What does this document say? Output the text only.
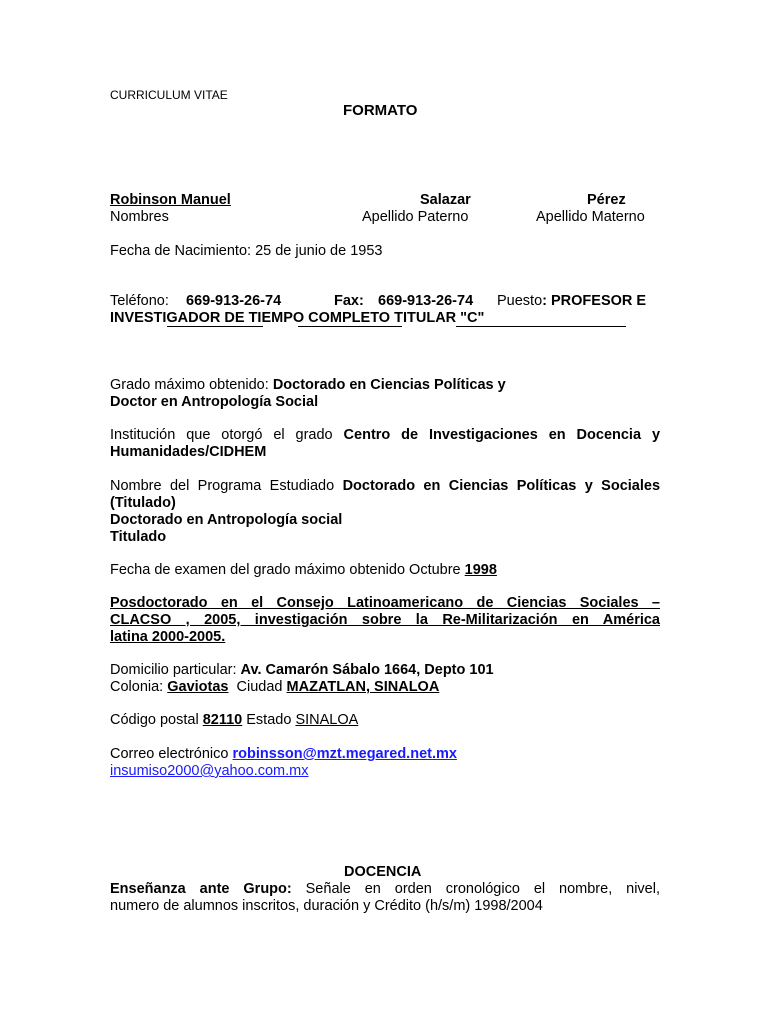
CURRICULUM VITAE
FORMATO
Robinson Manuel
Nombres
Salazar
Apellido Paterno
Pérez
Apellido Materno
Fecha de Nacimiento: 25 de junio de 1953
Teléfono: 669-913-26-74	Fax: 669-913-26-74 Puesto: PROFESOR E
INVESTIGADOR DE TIEMPO COMPLETO TITULAR "C"
Grado máximo obtenido: Doctorado en Ciencias Políticas y
Doctor en Antropología Social
Institución que otorgó el grado Centro de Investigaciones en Docencia y
Humanidades/CIDHEM
Nombre del Programa Estudiado Doctorado en Ciencias Políticas y Sociales
(Titulado)
Doctorado en Antropología social
Titulado
Fecha de examen del grado máximo obtenido Octubre 1998
Posdoctorado en el Consejo Latinoamericano de Ciencias Sociales –
CLACSO , 2005, investigación sobre la Re-Militarización en América
latina 2000-2005.
Domicilio particular: Av. Camarón Sábalo 1664, Depto 101
Colonia: Gaviotas Ciudad MAZATLAN, SINALOA
Código postal 82110 Estado SINALOA
Correo electrónico robinsson@mzt.megared.net.mx
insumiso2000@yahoo.com.mx
DOCENCIA
Enseñanza ante Grupo: Señale en orden cronológico el nombre, nivel,
numero de alumnos inscritos, duración y Crédito (h/s/m) 1998/2004
